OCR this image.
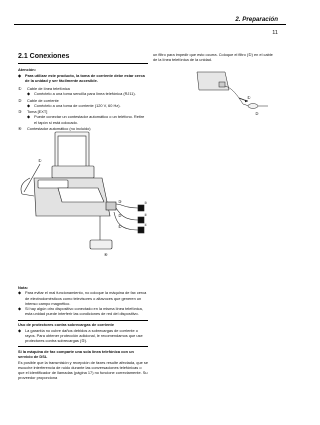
2. Preparación
11
2.1 Conexiones
Atención:
◆	Para utilizar este producto, la toma de corriente debe estar cerca de la unidad y ser fácilmente accesible.
①	Cable de línea telefónica
◆	Conéctelo a una toma sencilla para línea telefónica (RJ11).
②	Cable de corriente
◆	Conéctelo a una toma de corriente (120 V, 60 Hz).
③	Toma [EXT]
◆	Puede conectar un contestador automático o un teléfono. Retire el tapón si está colocado.
④	Contestador automático (no incluido)
Nota:
◆	Para evitar el mal funcionamiento, no coloque la máquina de fax cerca de electrodomésticos como televisores o altavoces que generen un intenso campo magnético.
◆	Si hay algún otro dispositivo conectado en la misma línea telefónica, esta unidad puede interferir las condiciones de red del dispositivo.
Uso de protectores contra sobrecargas de corriente
◆	La garantía no cubre daños debidos a sobrecargas de corriente o rayos. Para obtener protección adicional, le recomendamos que use protectores contra sobrecargas (⑤).
Si la máquina de fax comparte una sola línea telefónica con un servicio de DSL
Es posible que la transmisión y recepción de faxes resulte afectada, que se escuche interferencia de ruido durante las conversaciones telefónicas o que el identificador de llamadas (página 17) no funcione correctamente. Su proveedor proporciona
un filtro para impedir que esto ocurra. Coloque el filtro (①) en el cable de la línea telefónica de la unidad.
①
③
②
①
④
③
②
①
①
②
